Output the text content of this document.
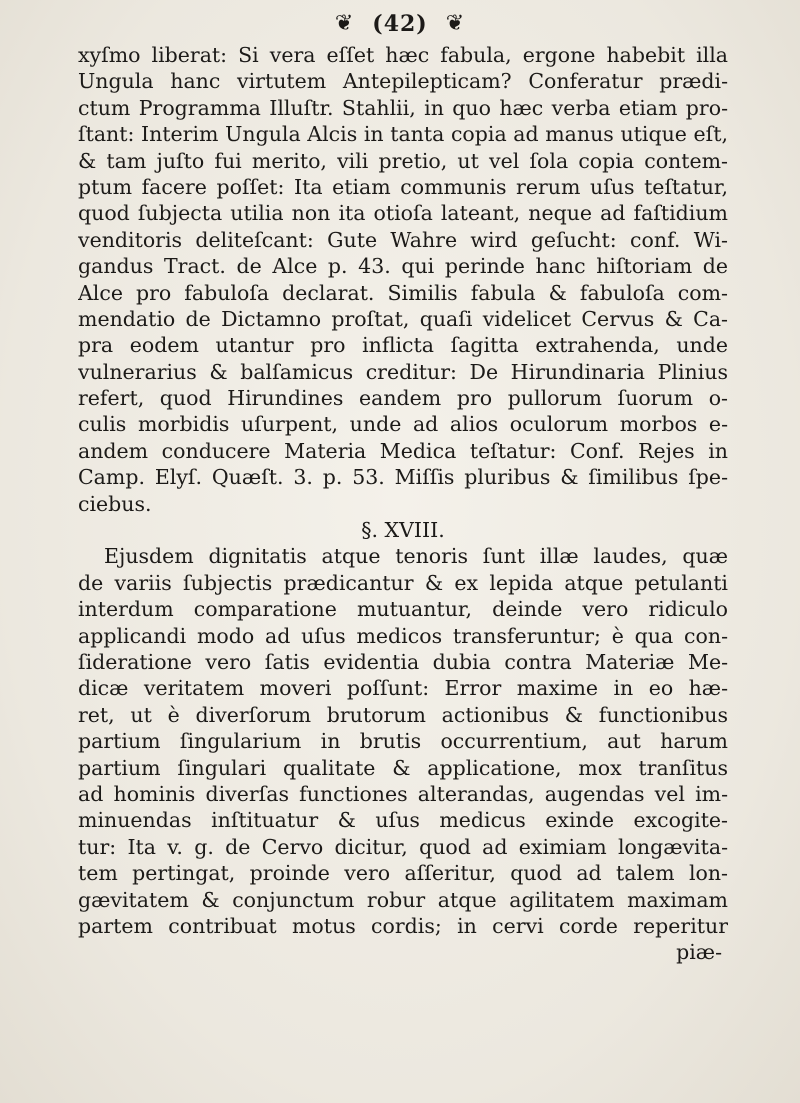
❦ (42) ❦
xyſmo liberat: Si vera eſſet hæc fabula, ergone habebit illa
Ungula hanc virtutem Antepilepticam? Conferatur prædi-
ctum Programma Illuſtr. Stahlii, in quo hæc verba etiam pro-
ſtant: Interim Ungula Alcis in tanta copia ad manus utique eſt,
& tam juſto fui merito, vili pretio, ut vel ſola copia contem-
ptum facere poſſet: Ita etiam communis rerum uſus teſtatur,
quod ſubjecta utilia non ita otioſa lateant, neque ad faſtidium
venditoris deliteſcant: Gute Wahre wird geſucht: conf. Wi-
gandus Tract. de Alce p. 43. qui perinde hanc hiſtoriam de
Alce pro fabuloſa declarat. Similis fabula & fabuloſa com-
mendatio de Dictamno proſtat, quaſi videlicet Cervus & Ca-
pra eodem utantur pro inflicta ſagitta extrahenda, unde
vulnerarius & balſamicus creditur: De Hirundinaria Plinius
refert, quod Hirundines eandem pro pullorum ſuorum o-
culis morbidis uſurpent, unde ad alios oculorum morbos e-
andem conducere Materia Medica teſtatur: Conf. Rejes in
Camp. Elyſ. Quæſt. 3. p. 53. Miſſis pluribus & ſimilibus ſpe-
ciebus.
§. XVIII.
Ejusdem dignitatis atque tenoris ſunt illæ laudes, quæ
de variis ſubjectis prædicantur & ex lepida atque petulanti
interdum comparatione mutuantur, deinde vero ridiculo
applicandi modo ad uſus medicos transferuntur; è qua con-
ſideratione vero ſatis evidentia dubia contra Materiæ Me-
dicæ veritatem moveri poſſunt: Error maxime in eo hæ-
ret, ut è diverſorum brutorum actionibus & functionibus
partium ſingularium in brutis occurrentium, aut harum
partium ſingulari qualitate & applicatione, mox tranſitus
ad hominis diverſas functiones alterandas, augendas vel im-
minuendas inſtituatur & uſus medicus exinde excogite-
tur: Ita v. g. de Cervo dicitur, quod ad eximiam longævita-
tem pertingat, proinde vero aſſeritur, quod ad talem lon-
gævitatem & conjunctum robur atque agilitatem maximam
partem contribuat motus cordis; in cervi corde reperitur
piæ-
